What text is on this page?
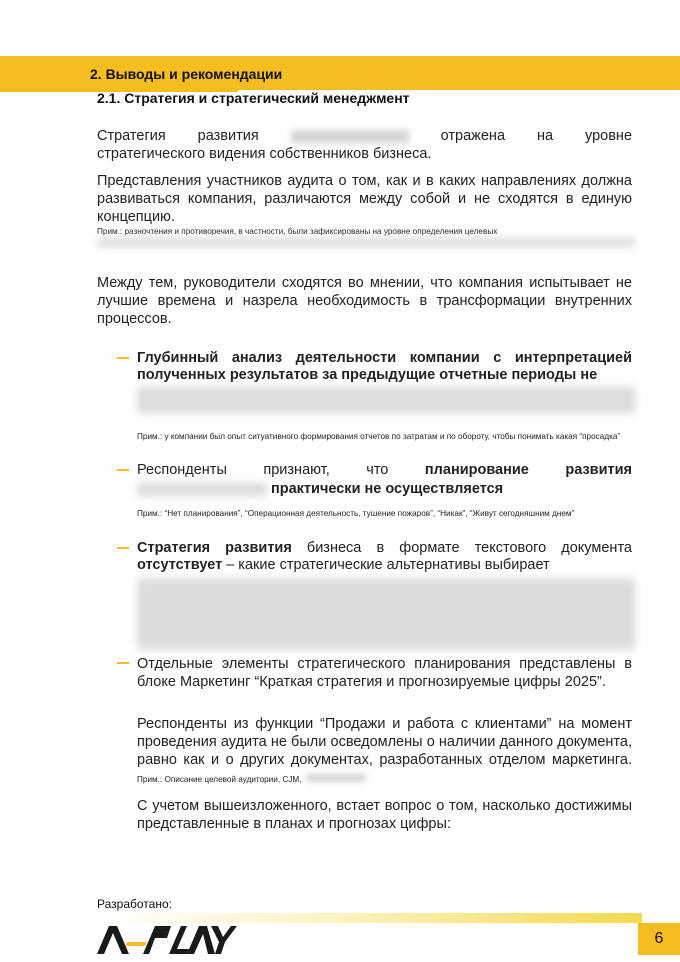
2. Выводы и рекомендации
2.1. Стратегия и стратегический менеджмент
Стратегия развития	отражена на уровне
стратегического видения собственников бизнеса.
Представления участников аудита о том, как и в каких направлениях должна развиваться компания, различаются между собой и не сходятся в единую концепцию.
Прим.: разночтения и противоречия, в частности, были зафиксированы на уровне определения целевых
Между тем, руководители сходятся во мнении, что компания испытывает не лучшие времена и назрела необходимость в трансформации внутренних процессов.
Глубинный анализ деятельности компании с интерпретацией полученных результатов за предыдущие отчетные периоды не
Прим.: у компании был опыт ситуативного формирования отчетов по затратам и по обороту, чтобы понимать какая “просадка”
Респонденты признают, что	планирование развития
практически не осуществляется
Прим.: “Нет планирования”, “Операционная деятельность, тушение пожаров”, “Никак”, “Живут сегодняшним днем”
Стратегия развития бизнеса в формате текстового документа отсутствует – какие стратегические альтернативы выбирает
Отдельные элементы стратегического планирования представлены в блоке Маркетинг “Краткая стратегия и прогнозируемые цифры 2025”.
Респонденты из функции “Продажи и работа с клиентами” на момент проведения аудита не были осведомлены о наличии данного документа, равно как и о других документах, разработанных отделом маркетинга. Прим.: Описание целевой аудитории, CJM,
С учетом вышеизложенного, встает вопрос о том, насколько достижимы представленные в планах и прогнозах цифры:
Разработано:
6
